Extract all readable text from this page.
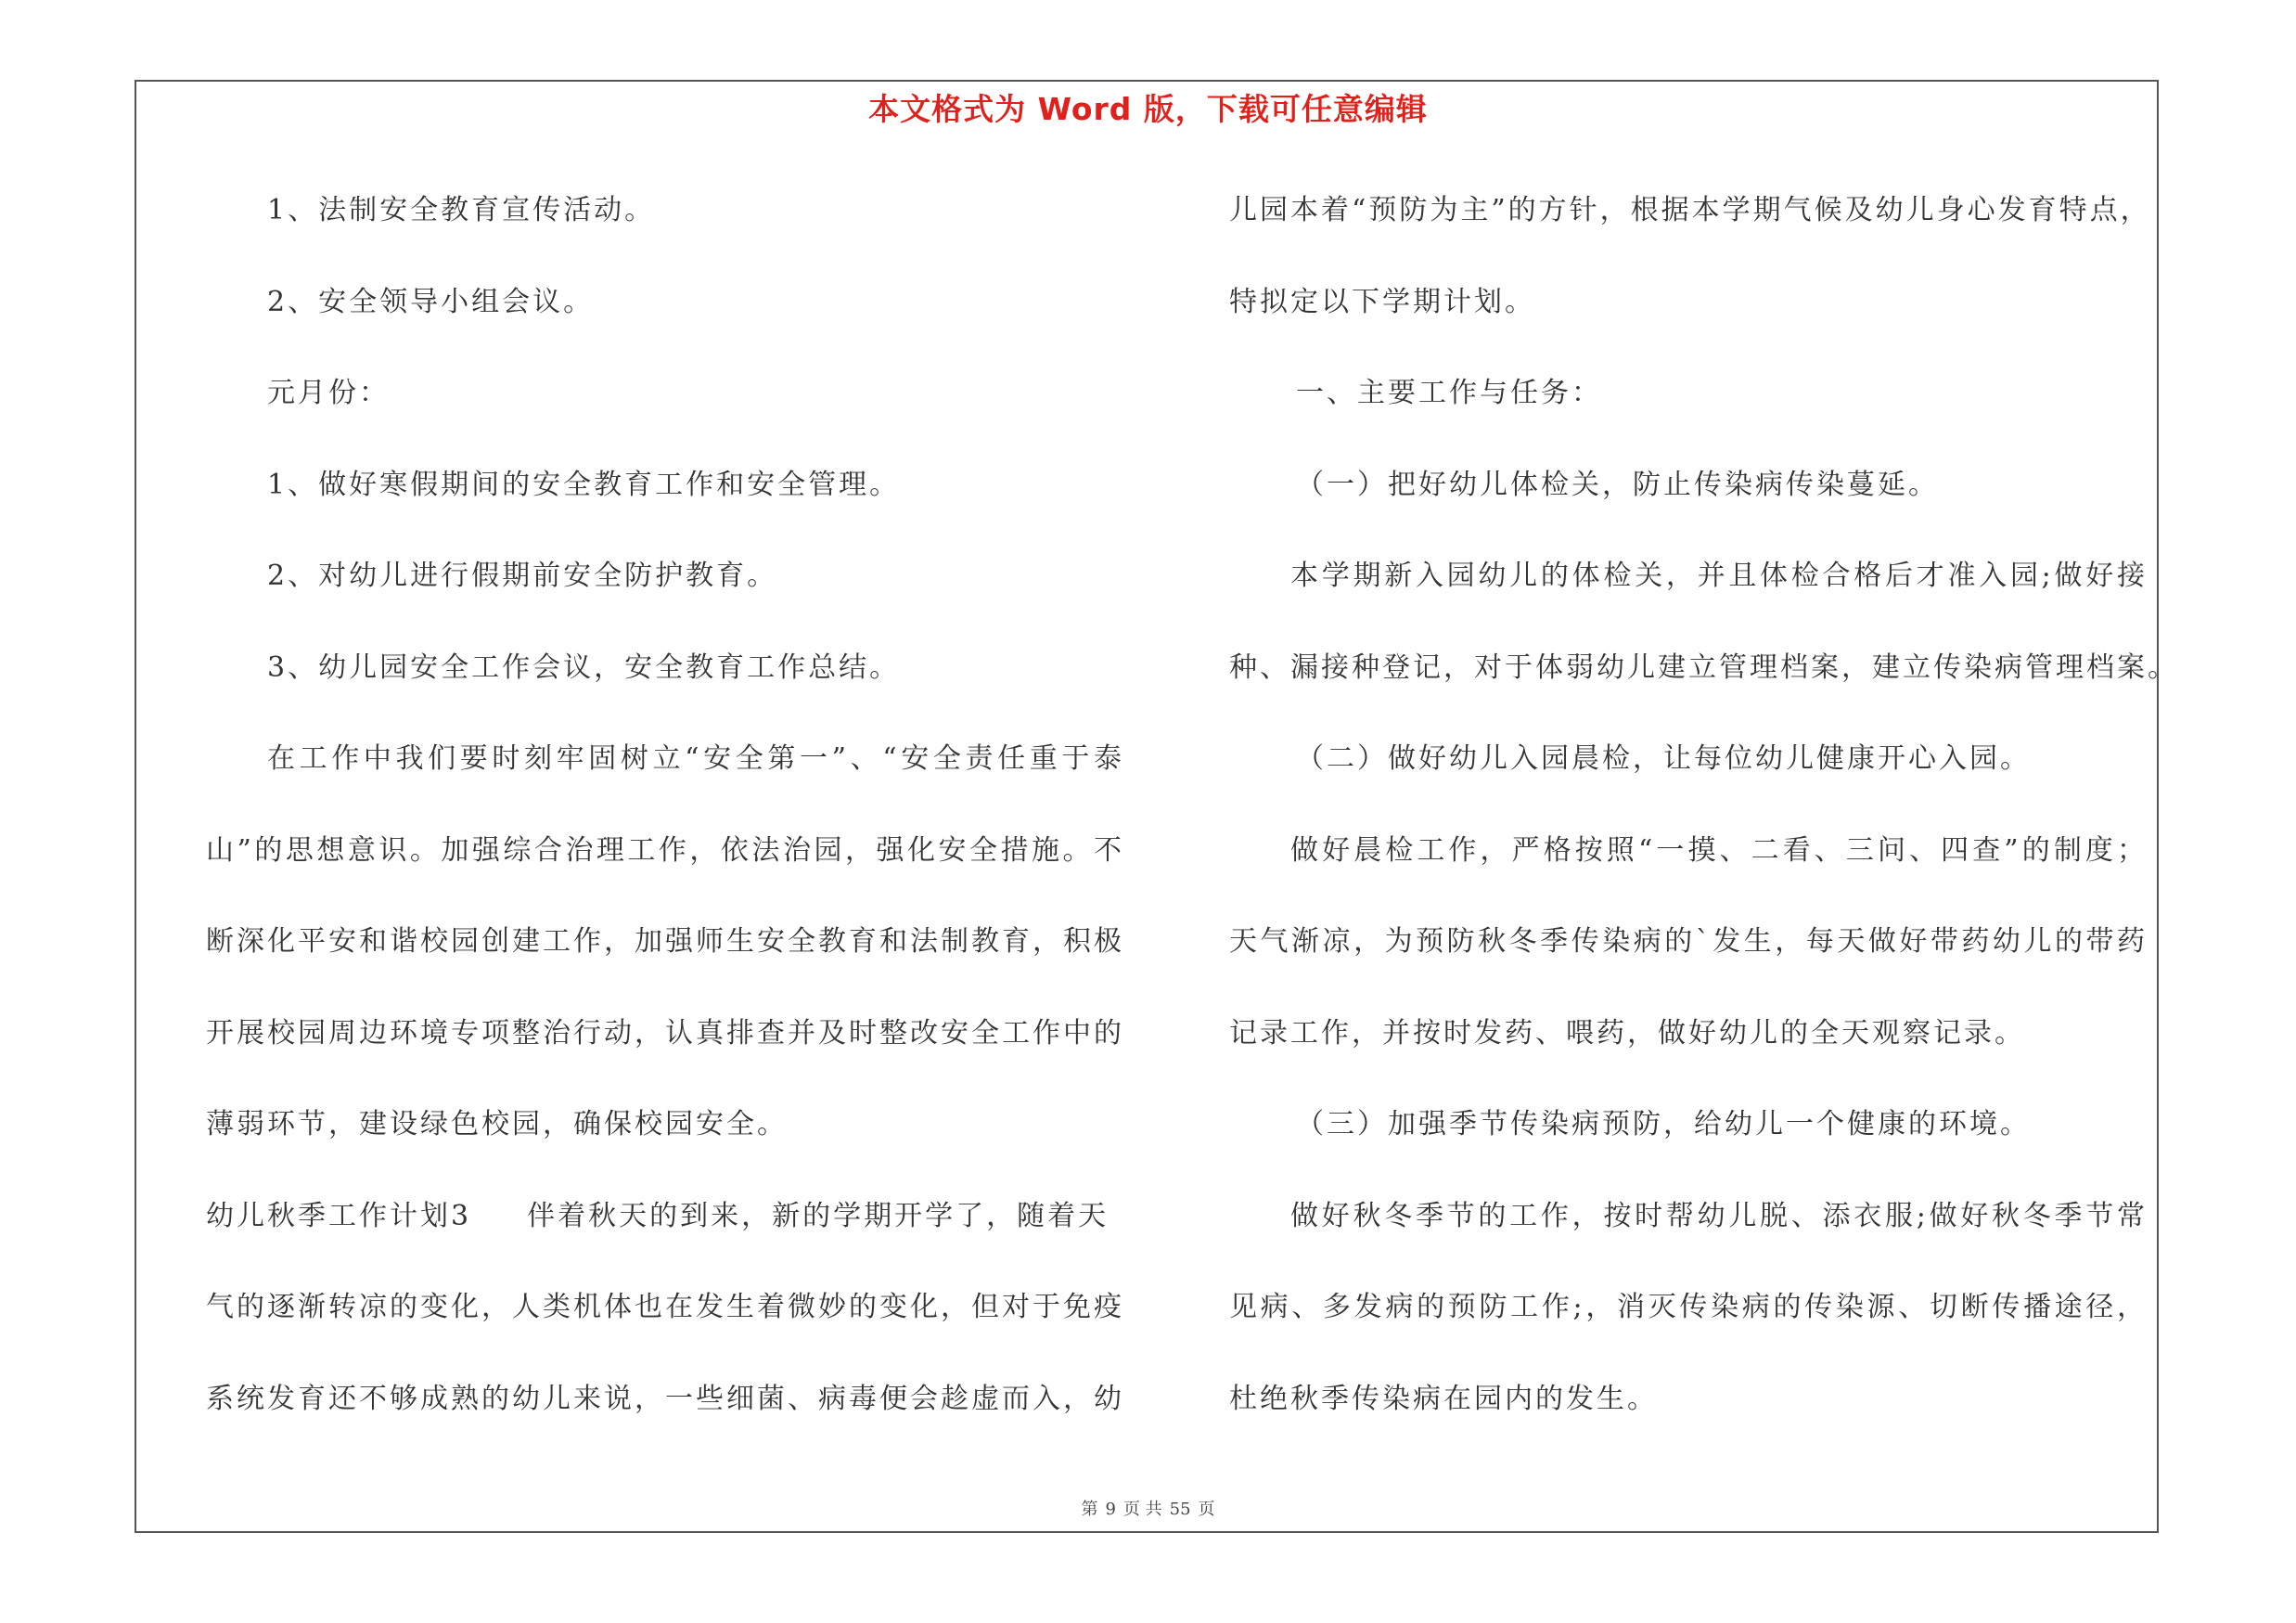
本文格式为 Word 版，下载可任意编辑
1、法制安全教育宣传活动。
2、安全领导小组会议。
元月份：
1、做好寒假期间的安全教育工作和安全管理。
2、对幼儿进行假期前安全防护教育。
3、幼儿园安全工作会议，安全教育工作总结。
在工作中我们要时刻牢固树立“安全第一”、“安全责任重于泰
山”的思想意识。加强综合治理工作，依法治园，强化安全措施。不
断深化平安和谐校园创建工作，加强师生安全教育和法制教育，积极
开展校园周边环境专项整治行动，认真排查并及时整改安全工作中的
薄弱环节，建设绿色校园，确保校园安全。
幼儿秋季工作计划3 伴着秋天的到来，新的学期开学了，随着天
气的逐渐转凉的变化，人类机体也在发生着微妙的变化，但对于免疫
系统发育还不够成熟的幼儿来说，一些细菌、病毒便会趁虚而入，幼
儿园本着“预防为主”的方针，根据本学期气候及幼儿身心发育特点，
特拟定以下学期计划。
一、主要工作与任务：
（一）把好幼儿体检关，防止传染病传染蔓延。
本学期新入园幼儿的体检关，并且体检合格后才准入园;做好接
种、漏接种登记，对于体弱幼儿建立管理档案，建立传染病管理档案。
（二）做好幼儿入园晨检，让每位幼儿健康开心入园。
做好晨检工作，严格按照“一摸、二看、三问、四查”的制度；
天气渐凉，为预防秋冬季传染病的`发生，每天做好带药幼儿的带药
记录工作，并按时发药、喂药，做好幼儿的全天观察记录。
（三）加强季节传染病预防，给幼儿一个健康的环境。
做好秋冬季节的工作，按时帮幼儿脱、添衣服;做好秋冬季节常
见病、多发病的预防工作;，消灭传染病的传染源、切断传播途径，
杜绝秋季传染病在园内的发生。
第 9 页 共 55 页
